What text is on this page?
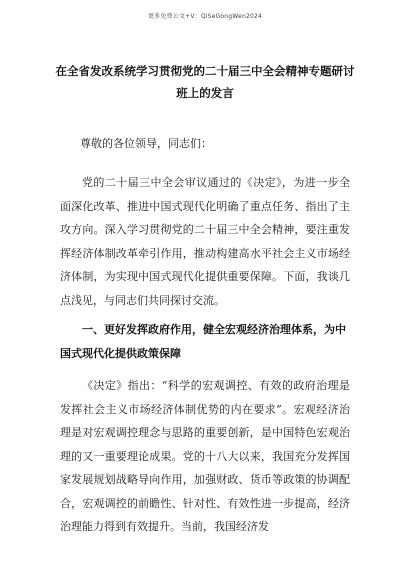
更多免费公文+V：QiSeGongWen2024
在全省发改系统学习贯彻党的二十届三中全会精神专题研讨班上的发言
尊敬的各位领导，同志们：

党的二十届三中全会审议通过的《决定》，为进一步全面深化改革、推进中国式现代化明确了重点任务、指出了主攻方向。深入学习贯彻党的二十届三中全会精神，要注重发挥经济体制改革牵引作用，推动构建高水平社会主义市场经济体制，为实现中国式现代化提供重要保障。下面，我谈几点浅见，与同志们共同探讨交流。

一、更好发挥政府作用，健全宏观经济治理体系，为中国式现代化提供政策保障

《决定》指出：“科学的宏观调控、有效的政府治理是发挥社会主义市场经济体制优势的内在要求”。宏观经济治理是对宏观调控理念与思路的重要创新，是中国特色宏观治理的又一重要理论成果。党的十八大以来，我国充分发挥国家发展规划战略导向作用，加强财政、货币等政策的协调配合，宏观调控的前瞻性、针对性、有效性进一步提高，经济治理能力得到有效提升。当前，我国经济发
